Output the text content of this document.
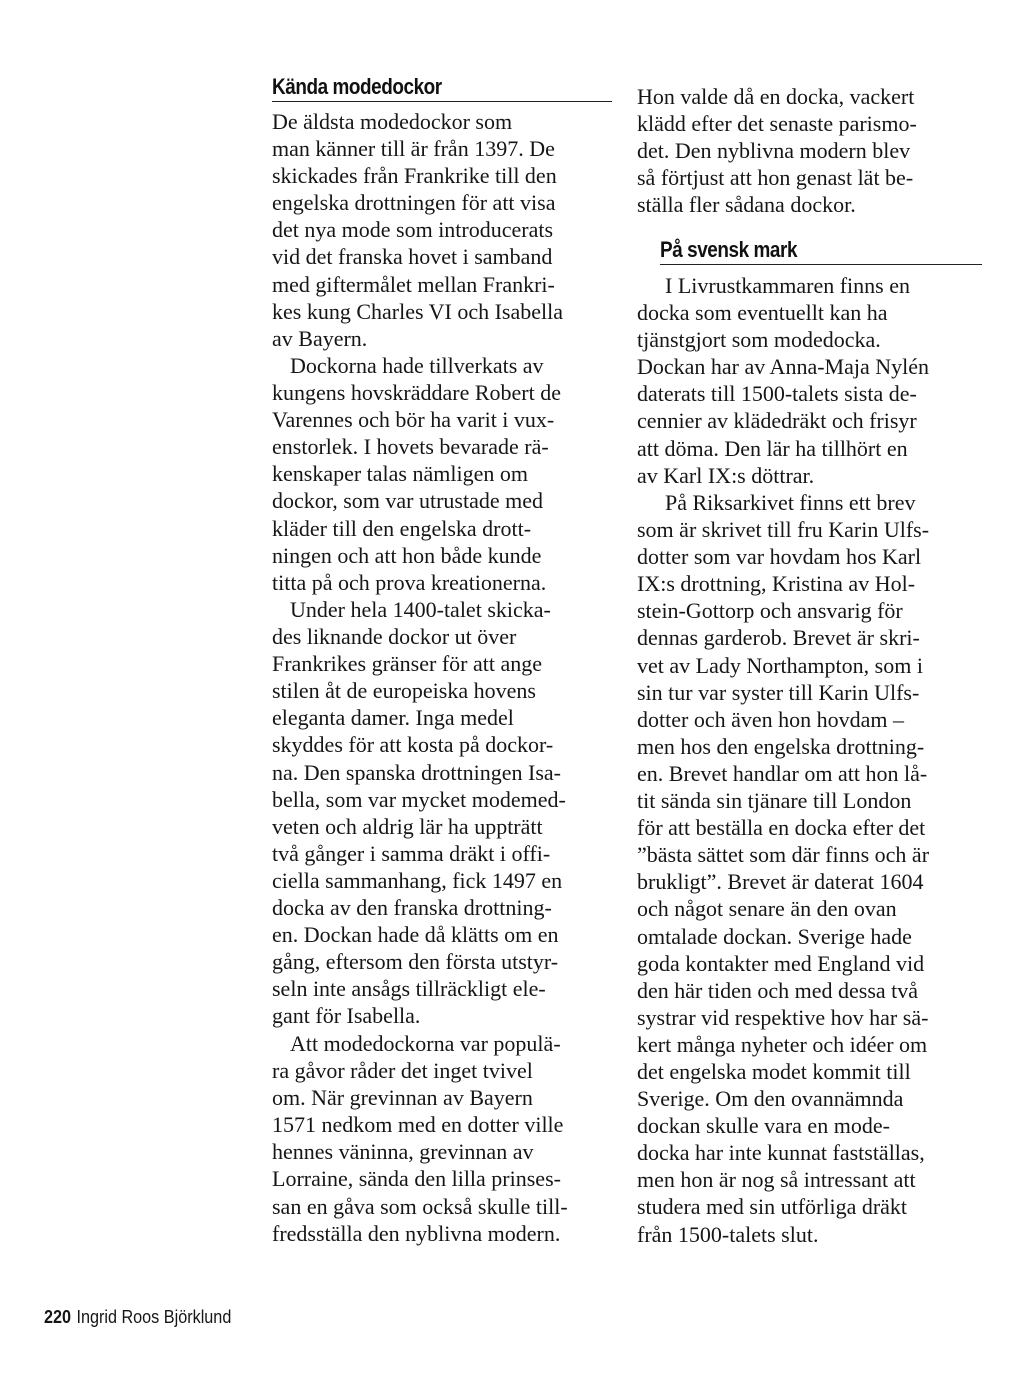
Kända modedockor

De äldsta modedockor som
man känner till är från 1397. De
skickades från Frankrike till den
engelska drottningen för att visa
det nya mode som introducerats
vid det franska hovet i samband
med giftermålet mellan Frankri-
kes kung Charles VI och Isabella
av Bayern.

Dockorna hade tillverkats av
kungens hovskräddare Robert de
Varennes och bör ha varit i vux-
enstorlek. I hovets bevarade rä-
kenskaper talas nämligen om
dockor, som var utrustade med
kläder till den engelska drott-
ningen och att hon både kunde
titta på och prova kreationerna.

Under hela 1400-talet skicka-
des liknande dockor ut över
Frankrikes gränser för att ange
stilen åt de europeiska hovens
eleganta damer. Inga medel
skyddes för att kosta på dockor-
na. Den spanska drottningen Isa-
bella, som var mycket modemed-
veten och aldrig lär ha uppträtt
två gånger i samma dräkt i offi-
ciella sammanhang, fick 1497 en
docka av den franska drottning-
en. Dockan hade då klätts om en
gång, eftersom den första utstyr-
seln inte ansågs tillräckligt ele-
gant för Isabella.

Att modedockorna var populä-
ra gåvor råder det inget tvivel
om. När grevinnan av Bayern
1571 nedkom med en dotter ville
hennes väninna, grevinnan av
Lorraine, sända den lilla prinses-
san en gåva som också skulle till-
fredsställa den nyblivna modern.

Hon valde då en docka, vackert
klädd efter det senaste parismo-
det. Den nyblivna modern blev
så förtjust att hon genast lät be-
ställa fler sådana dockor.

På svensk mark

I Livrustkammaren finns en
docka som eventuellt kan ha
tjänstgjort som modedocka.
Dockan har av Anna-Maja Nylén
daterats till 1500-talets sista de-
cennier av klädedräkt och frisyr
att döma. Den lär ha tillhört en
av Karl IX:s döttrar.

På Riksarkivet finns ett brev
som är skrivet till fru Karin Ulfs-
dotter som var hovdam hos Karl
IX:s drottning, Kristina av Hol-
stein-Gottorp och ansvarig för
dennas garderob. Brevet är skri-
vet av Lady Northampton, som i
sin tur var syster till Karin Ulfs-
dotter och även hon hovdam –
men hos den engelska drottning-
en. Brevet handlar om att hon lå-
tit sända sin tjänare till London
för att beställa en docka efter det
”bästa sättet som där finns och är
brukligt”. Brevet är daterat 1604
och något senare än den ovan
omtalade dockan. Sverige hade
goda kontakter med England vid
den här tiden och med dessa två
systrar vid respektive hov har sä-
kert många nyheter och idéer om
det engelska modet kommit till
Sverige. Om den ovannämnda
dockan skulle vara en mode-
docka har inte kunnat fastställas,
men hon är nog så intressant att
studera med sin utförliga dräkt
från 1500-talets slut.

220 Ingrid Roos Björklund
